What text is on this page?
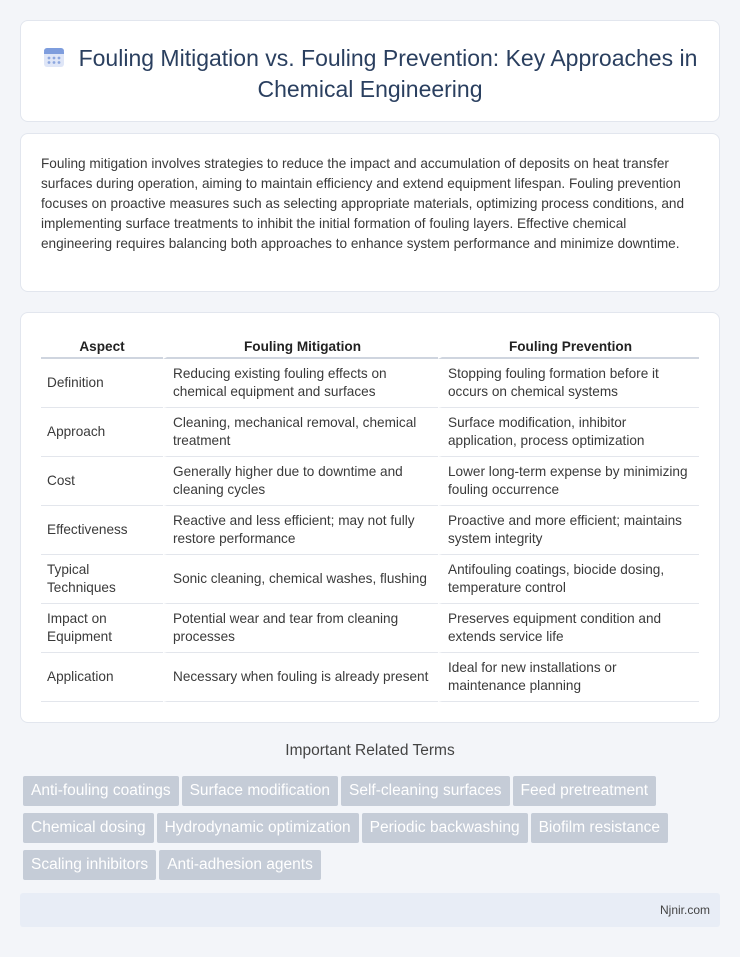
Fouling Mitigation vs. Fouling Prevention: Key Approaches in Chemical Engineering

Fouling mitigation involves strategies to reduce the impact and accumulation of deposits on heat transfer surfaces during operation, aiming to maintain efficiency and extend equipment lifespan. Fouling prevention focuses on proactive measures such as selecting appropriate materials, optimizing process conditions, and implementing surface treatments to inhibit the initial formation of fouling layers. Effective chemical engineering requires balancing both approaches to enhance system performance and minimize downtime.

Aspect	Fouling Mitigation	Fouling Prevention
Definition	Reducing existing fouling effects on chemical equipment and surfaces	Stopping fouling formation before it occurs on chemical systems
Approach	Cleaning, mechanical removal, chemical treatment	Surface modification, inhibitor application, process optimization
Cost	Generally higher due to downtime and cleaning cycles	Lower long-term expense by minimizing fouling occurrence
Effectiveness	Reactive and less efficient; may not fully restore performance	Proactive and more efficient; maintains system integrity
Typical Techniques	Sonic cleaning, chemical washes, flushing	Antifouling coatings, biocide dosing, temperature control
Impact on Equipment	Potential wear and tear from cleaning processes	Preserves equipment condition and extends service life
Application	Necessary when fouling is already present	Ideal for new installations or maintenance planning
Important Related Terms
Anti-fouling coatings Surface modification Self-cleaning surfaces Feed pretreatment
Chemical dosing Hydrodynamic optimization Periodic backwashing Biofilm resistance
Scaling inhibitors Anti-adhesion agents
Njnir.com
